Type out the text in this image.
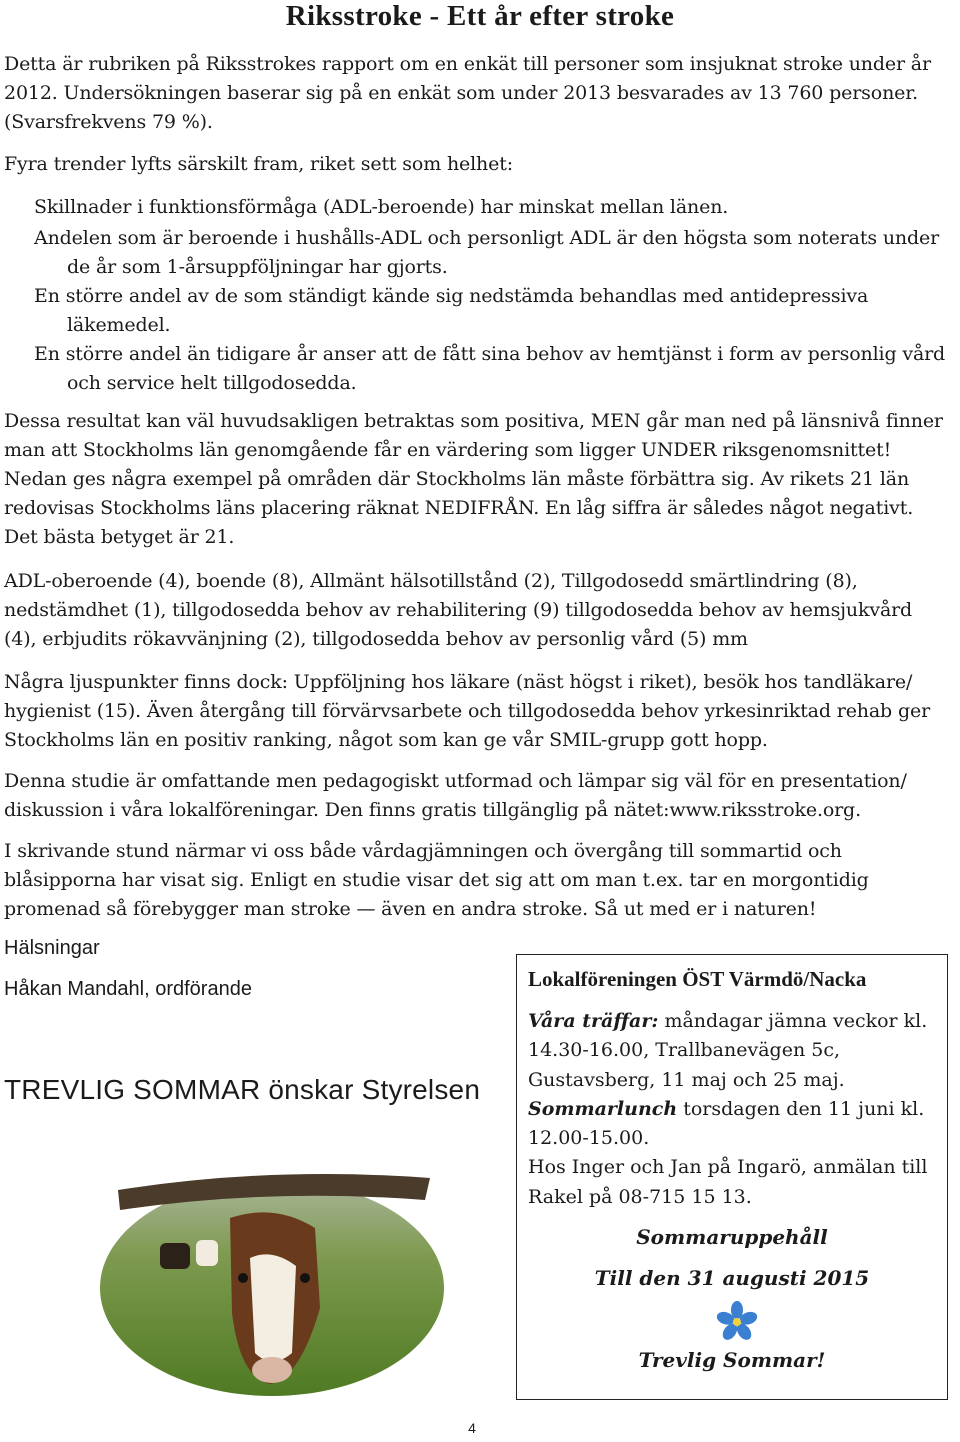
Riksstroke - Ett år efter stroke

Detta är rubriken på Riksstrokes rapport om en enkät till personer som insjuknat stroke under år 2012. Undersökningen baserar sig på en enkät som under 2013 besvarades av 13 760 personer. (Svarsfrekvens 79 %).

Fyra trender lyfts särskilt fram, riket sett som helhet:

Skillnader i funktionsförmåga (ADL-beroende) har minskat mellan länen.

Andelen som är beroende i hushålls-ADL och personligt ADL är den högsta som noterats under de år som 1-årsuppföljningar har gjorts.

En större andel av de som ständigt kände sig nedstämda behandlas med antidepressiva läkemedel.

En större andel än tidigare år anser att de fått sina behov av hemtjänst i form av personlig vård och service helt tillgodosedda.

Dessa resultat kan väl huvudsakligen betraktas som positiva, MEN går man ned på länsnivå finner man att Stockholms län genomgående får en värdering som ligger UNDER riksgenomsnittet! Nedan ges några exempel på områden där Stockholms län måste förbättra sig. Av rikets 21 län redovisas Stockholms läns placering räknat NEDIFRÅN. En låg siffra är således något negativt. Det bästa betyget är 21.

ADL-oberoende (4), boende (8), Allmänt hälsotillstånd (2), Tillgodosedd smärtlindring (8), nedstämdhet (1), tillgodosedda behov av rehabilitering (9) tillgodosedda behov av hemsjukvård (4), erbjudits rökavvänjning (2), tillgodosedda behov av personlig vård (5) mm

Några ljuspunkter finns dock: Uppföljning hos läkare (näst högst i riket), besök hos tandläkare/ hygienist (15). Även återgång till förvärvsarbete och tillgodosedda behov yrkesinriktad rehab ger Stockholms län en positiv ranking, något som kan ge vår SMIL-grupp gott hopp.

Denna studie är omfattande men pedagogiskt utformad och lämpar sig väl för en presentation/ diskussion i våra lokalföreningar. Den finns gratis tillgänglig på nätet:www.riksstroke.org.

I skrivande stund närmar vi oss både vårdagjämningen och övergång till sommartid och blåsipporna har visat sig. Enligt en studie visar det sig att om man t.ex. tar en morgontidig promenad så förebygger man stroke — även en andra stroke. Så ut med er i naturen!

Hälsningar
Håkan Mandahl, ordförande
TREVLIG SOMMAR önskar Styrelsen
Lokalföreningen ÖST Värmdö/Nacka

Våra träffar: måndagar jämna veckor kl. 14.30-16.00, Trallbanevägen 5c, Gustavsberg, 11 maj och 25 maj.
Sommarlunch torsdagen den 11 juni kl. 12.00-15.00.
Hos Inger och Jan på Ingarö, anmälan till Rakel på 08-715 15 13.

Sommaruppehåll
Till den 31 augusti 2015
Trevlig Sommar!
4
